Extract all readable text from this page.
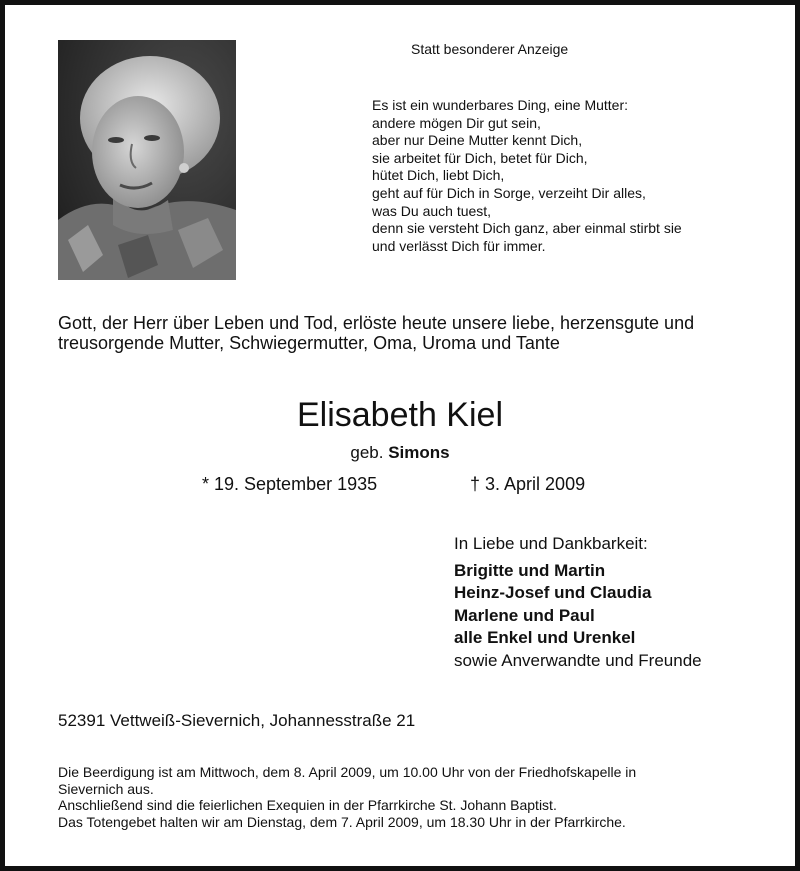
Statt besonderer Anzeige
Es ist ein wunderbares Ding, eine Mutter:
andere mögen Dir gut sein,
aber nur Deine Mutter kennt Dich,
sie arbeitet für Dich, betet für Dich,
hütet Dich, liebt Dich,
geht auf für Dich in Sorge, verzeiht Dir alles,
was Du auch tuest,
denn sie versteht Dich ganz, aber einmal stirbt sie
und verlässt Dich für immer.
Gott, der Herr über Leben und Tod, erlöste heute unsere liebe, herzensgute und
treusorgende Mutter, Schwiegermutter, Oma, Uroma und Tante
Elisabeth Kiel
geb. Simons
* 19. September 1935	† 3. April 2009
In Liebe und Dankbarkeit:
Brigitte und Martin
Heinz-Josef und Claudia
Marlene und Paul
alle Enkel und Urenkel
sowie Anverwandte und Freunde
52391 Vettweiß-Sievernich, Johannesstraße 21
Die Beerdigung ist am Mittwoch, dem 8. April 2009, um 10.00 Uhr von der Friedhofskapelle in
Sievernich aus.
Anschließend sind die feierlichen Exequien in der Pfarrkirche St. Johann Baptist.
Das Totengebet halten wir am Dienstag, dem 7. April 2009, um 18.30 Uhr in der Pfarrkirche.
